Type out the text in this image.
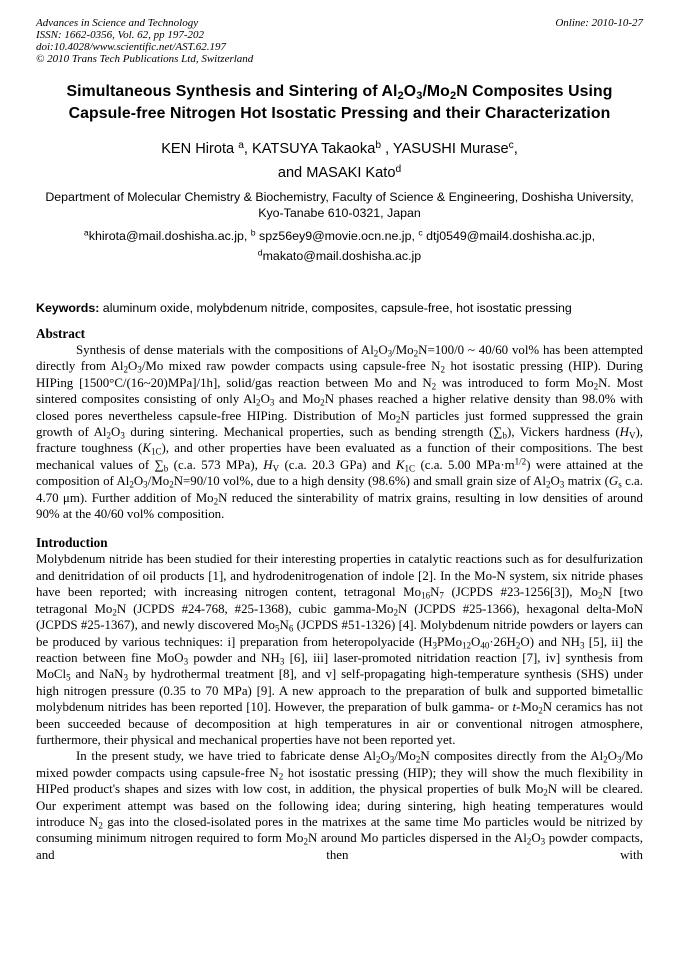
Advances in Science and Technology
ISSN: 1662-0356, Vol. 62, pp 197-202
doi:10.4028/www.scientific.net/AST.62.197
© 2010 Trans Tech Publications Ltd, Switzerland
Online: 2010-10-27
Simultaneous Synthesis and Sintering of $Al_2O_3/Mo_2N$ Composites Using
Capsule-free Nitrogen Hot Isostatic Pressing and their Characterization
KEN Hirota $^a$, KATSUYA Takaoka$^b$ , YASUSHI Murase$^c$,
and MASAKI Kato$^d$
Department of Molecular Chemistry & Biochemistry, Faculty of Science & Engineering, Doshisha University, Kyo-Tanabe 610-0321, Japan
$^a$khirota@mail.doshisha.ac.jp, $^b$ spz56ey9@movie.ocn.ne.jp, $^c$ dtj0549@mail4.doshisha.ac.jp,
$^d$makato@mail.doshisha.ac.jp
Keywords: aluminum oxide, molybdenum nitride, composites, capsule-free, hot isostatic pressing
Abstract

Synthesis of dense materials with the compositions of $Al_2O_3/Mo_2N=100/0$ ~ 40/60 vol% has been attempted directly from $Al_2O_3/Mo$ mixed raw powder compacts using capsule-free $N_2$ hot isostatic pressing (HIP). During HIPing [1500°C/(16~20)MPa]/1h], solid/gas reaction between Mo and $N_2$ was introduced to form $Mo_2N$. Most sintered composites consisting of only $Al_2O_3$ and $Mo_2N$ phases reached a higher relative density than 98.0% with closed pores nevertheless capsule-free HIPing. Distribution of $Mo_2N$ particles just formed suppressed the grain growth of $Al_2O_3$ during sintering. Mechanical properties, such as bending strength $(\sum_b)$, Vickers hardness $(H_V)$, fracture toughness $(K_{1C})$, and other properties have been evaluated as a function of their compositions. The best mechanical values of $\sum_b$ (c.a. 573 MPa), $H_V$ (c.a. 20.3 GPa) and $K_{1C}$ (c.a. 5.00 $MPa\cdot m^{1/2}$) were attained at the composition of $Al_2O_3/Mo_2N=90/10$ vol%, due to a high density (98.6%) and small grain size of $Al_2O_3$ matrix ($G_s$ c.a. 4.70 μm). Further addition of $Mo_2N$ reduced the sinterability of matrix grains, resulting in low densities of around 90% at the 40/60 vol% composition.

Introduction

Molybdenum nitride has been studied for their interesting properties in catalytic reactions such as for desulfurization and denitridation of oil products [1], and hydrodenitrogenation of indole [2]. In the Mo-N system, six nitride phases have been reported; with increasing nitrogen content, tetragonal $Mo_{16}N_7$ (JCPDS #23-1256[3]), $Mo_2N$ [two tetragonal $Mo_2N$ (JCPDS #24-768, #25-1368), cubic gamma-$Mo_2N$ (JCPDS #25-1366), hexagonal delta-MoN (JCPDS #25-1367), and newly discovered $Mo_5N_6$ (JCPDS #51-1326) [4]. Molybdenum nitride powders or layers can be produced by various techniques: i] preparation from heteropolyacide $(H_3PMo_{12}O_{40}\cdot 26H_2O)$ and $NH_3$ [5], ii] the reaction between fine MoO$_3$ powder and $NH_3$ [6], iii] laser-promoted nitridation reaction [7], iv] synthesis from MoCl$_5$ and NaN$_3$ by hydrothermal treatment [8], and v] self-propagating high-temperature synthesis (SHS) under high nitrogen pressure (0.35 to 70 MPa) [9]. A new approach to the preparation of bulk and supported bimetallic molybdenum nitrides has been reported [10]. However, the preparation of bulk gamma- or $t-Mo_2N$ ceramics has not been succeeded because of decomposition at high temperatures in air or conventional nitrogen atmosphere, furthermore, their physical and mechanical properties have not been reported yet.

In the present study, we have tried to fabricate dense $Al_2O_3/Mo_2N$ composites directly from the $Al_2O_3/Mo$ mixed powder compacts using capsule-free $N_2$ hot isostatic pressing (HIP); they will show the much flexibility in HIPed product's shapes and sizes with low cost, in addition, the physical properties of bulk $Mo_2N$ will be cleared. Our experiment attempt was based on the following idea; during sintering, high heating temperatures would introduce $N_2$ gas into the closed-isolated pores in the matrixes at the same time Mo particles would be nitrized by consuming minimum nitrogen required to form $Mo_2N$ around Mo particles dispersed in the $Al_2O_3$ powder compacts, and then with
